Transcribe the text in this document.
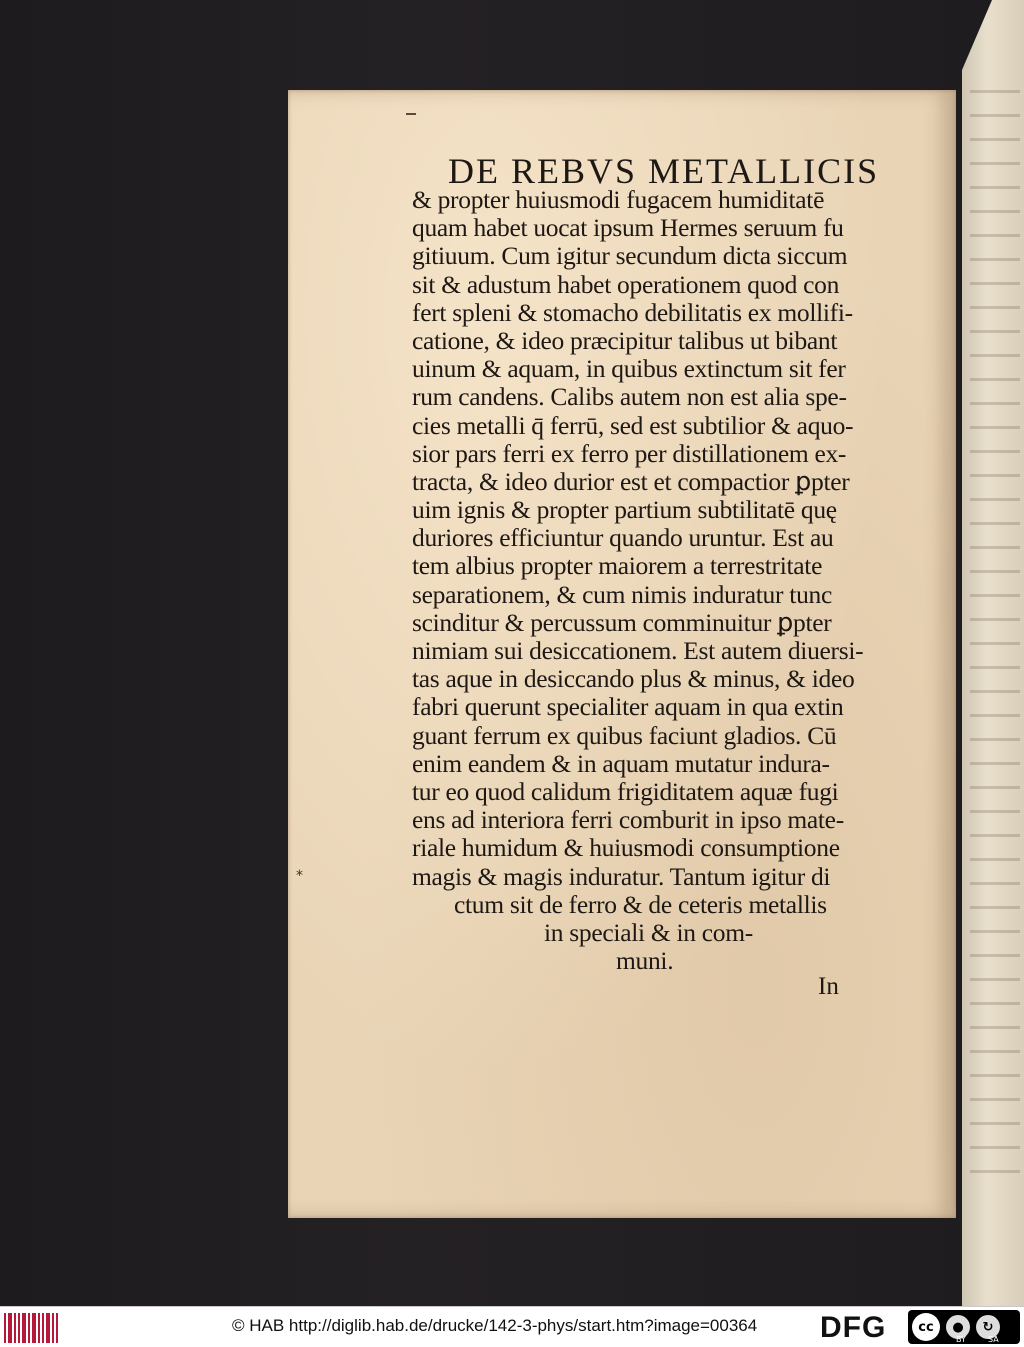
*
DE REBVS METALLICIS
& propter huiusmodi fugacem humiditatē
quam habet uocat ipsum Hermes seruum fu
gitiuum. Cum igitur secundum dicta siccum
sit & adustum habet operationem quod con
fert spleni & stomacho debilitatis ex mollifi-
catione, & ideo præcipitur talibus ut bibant
uinum & aquam, in quibus extinctum sit fer
rum candens. Calibs autem non est alia spe-
cies metalli q̄ ferrū, sed est subtilior & aquo-
sior pars ferri ex ferro per distillationem ex-
tracta, & ideo durior est et compactior ꝑpter
uim ignis & propter partium subtilitatē quę
duriores efficiuntur quando uruntur. Est au
tem albius propter maiorem a terrestritate
separationem, & cum nimis induratur tunc
scinditur & percussum comminuitur ꝑpter
nimiam sui desiccationem. Est autem diuersi-
tas aque in desiccando plus & minus, & ideo
fabri querunt specialiter aquam in qua extin
guant ferrum ex quibus faciunt gladios. Cū
enim eandem & in aquam mutatur indura-
tur eo quod calidum frigiditatem aquæ fugi
ens ad interiora ferri comburit in ipso mate-
riale humidum & huiusmodi consumptione
magis & magis induratur. Tantum igitur di
ctum sit de ferro & de ceteris metallis
in speciali & in com-
muni.
In
© HAB http://diglib.hab.de/drucke/142-3-phys/start.htm?image=00364 DFG	cc	●	↻
BY	SA
